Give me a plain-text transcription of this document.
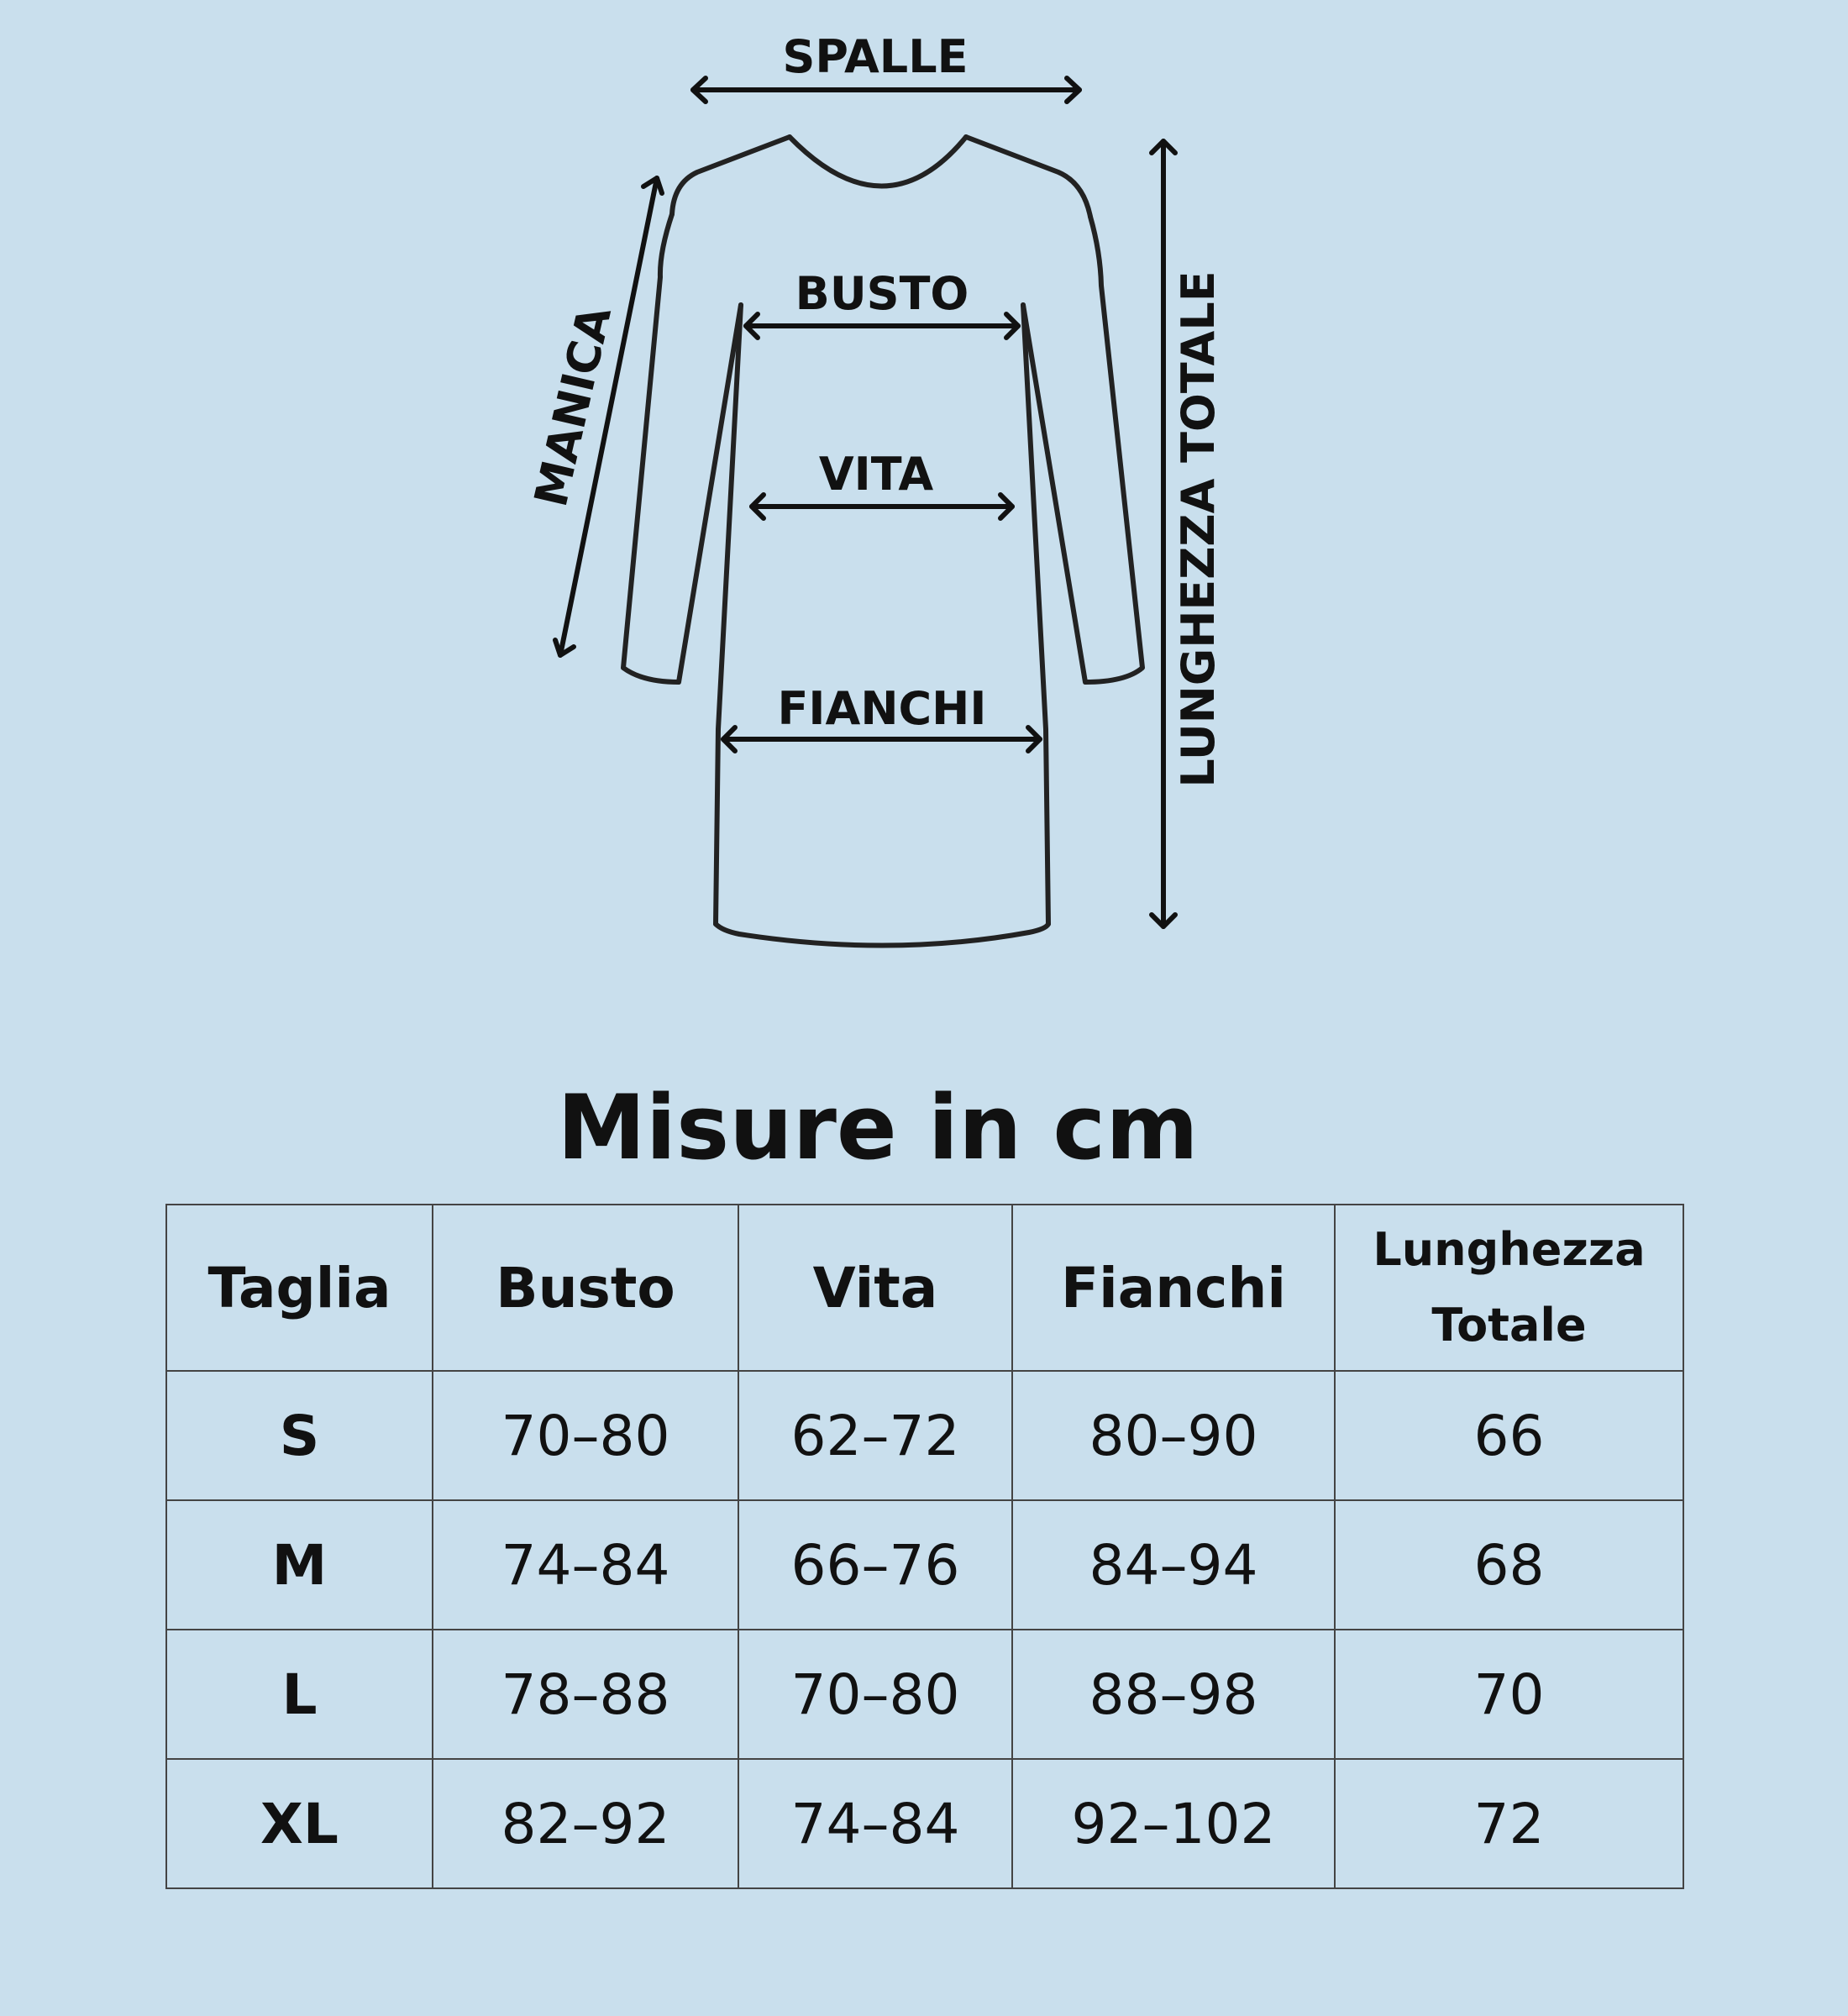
SPALLE
BUSTO
VITA
FIANCHI	LUNGHEZZA TOTALE
MANICA
Misure in cm
Taglia	Busto	Vita	Fianchi	Lunghezza
Totale
S	70–80	62–72	80–90	66
M	74–84	66–76	84–94	68
L	78–88	70–80	88–98	70
XL	82–92	74–84	92–102	72
